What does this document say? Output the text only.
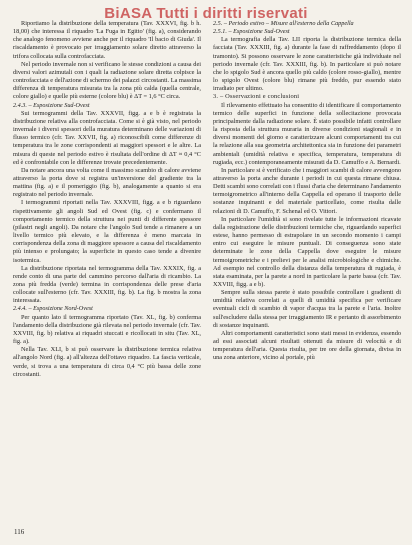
BiASA Tutti i diritti riservati

Riportiamo la distribuzione della temperatura (Tav. XXXVI, fig. b h. 18,00) che interessa il riquadro 'La Fuga in Egitto' (fig. a), considerando che analogo fenomeno avviene anche per il riquadro 'Il bacio di Giuda'. Il riscaldamento è provocato per irraggiamento solare diretto attraverso la trifora collocata sulla controfacciata.

Nel periodo invernale non si verificano le stesse condizioni a causa dei diversi valori azimutali con i quali la radiazione solare diretta colpisce la controfacciata e dell'azione di schermo dei palazzi circostanti. La massima differenza di temperatura misurata tra la zona più calda (quella centrale, colore giallo) e quelle più esterne (colore blu) è ΔT = 1,6 °C circa.

2.4.3. – Esposizione Sud-Ovest

Sui termogrammi della Tav. XXXVII, figg. a e b è registrata la distribuzione relativa alla controfacciata. Come si è già visto, nel periodo invernale i diversi spessori della muratura determinano delle variazioni di flusso termico (cfr. Tav. XXVII, fig. a) riconoscibili come differenze di temperatura tra le zone corrispondenti ai maggiori spessori e le altre. La misura di queste nel periodo estivo è risultata dell'ordine di ΔT ≈ 0,4 °C ed è confrontabile con le differenze trovate precedentemente.

Da notare ancora una volta come il massimo scambio di calore avviene attraverso la porta dove si registra un'inversione del gradiente tra la mattina (fig. a) e il pomeriggio (fig. b), analogamente a quanto si era registrato nel periodo invernale.

I termogrammi riportati nella Tav. XXXVIII, figg. a e b riguardano rispettivamente gli angoli Sud ed Ovest (fig. c) e confermano il comportamento termico della struttura nei punti di differente spessore (pilastri negli angoli). Da notare che l'angolo Sud tende a rimanere a un livello termico più elevato, e la differenza è meno marcata in corrispondenza della zona di maggiore spessore a causa del riscaldamento più intenso e prolungato; la superficie in questo caso tende a divenire isotermica.

La distribuzione riportata nel termogramma della Tav. XXXIX, fig. a rende conto di una parte del cammino percorso dall'aria di ricambio. La zona più fredda (verde) termina in corrispondenza delle prese d'aria collocate sull'esterno (cfr. Tav. XXXIII, fig. b). La fig. b mostra la zona interessata.

2.4.4. – Esposizione Nord-Ovest

Per quanto lato il termogramma riportato (Tav. XL, fig. b) conferma l'andamento della distribuzione già rilevata nel periodo invernale (cfr. Tav. XXVIII, fig. b) relativa ai riquadri stuccati e ricollocati in situ (Tav. XL, fig. a).

Nella Tav. XLI, b si può osservare la distribuzione termica relativa all'angolo Nord (fig. a) all'altezza dell'ottavo riquadro. La fascia verticale, verde, si trova a una temperatura di circa 0,4 °C più bassa delle zone circostanti.

2.5. – Periodo estivo – Misure all'esterno della Cappella

2.5.1. – Esposizione Sud-Ovest

La termografia della Tav. LII riporta la distribuzione termica della facciata (Tav. XXXIII, fig. a) durante la fase di raffreddamento (dopo il tramonto). Si possono osservare le zone caratteristiche già individuate nel periodo invernale (cfr. Tav. XXXIII, fig. b). In particolare si può notare che lo spigolo Sud è ancora quello più caldo (colore rosso-giallo), mentre lo spigolo Ovest (colore blu) rimane più freddo, pur essendo stato irradiato per ultimo.

3. – Osservazioni e conclusioni

Il rilevamento effettuato ha consentito di identificare il comportamento termico delle superfici in funzione della sollecitazione provocata principalmente dalla radiazione solare. È stato possibile infatti controllare la risposta della struttura muraria in diverse condizioni stagionali e in diversi momenti del giorno e caratterizzare alcuni comportamenti tra cui la relazione alla sua geometria architettonica sia in funzione dei parametri ambientali (umidità relativa e specifica, temperatura, temperatura di rugiada, ecc.) contemporaneamente misurati da D. Camuffo e A. Bernardi.

In particolare si è verificato che i maggiori scambi di calore avvengono attraverso la porta anche durante i periodi in cui questa rimane chiusa. Detti scambi sono correlati con i flussi d'aria che determinano l'andamento termoigrometrico all'interno della Cappella ed operano il trasporto delle sostanze inquinanti e del materiale particellato, come risulta dalle relazioni di D. Camuffo, F. Schenal ed O. Vittori.

In particolare l'umidità si sono rivelate tutte le informazioni ricavate dalla registrazione delle distribuzioni termiche che, riguardando superfici estese, hanno permesso di estrapolare in un secondo momento i campi entro cui eseguire le misure puntuali. Di conseguenza sono state determinate le zone della Cappella dove eseguire le misure termoigrometriche e i prelievi per le analisi microbiologiche e chimiche. Ad esempio nel controllo della distanza della temperatura di rugiada, è stata esaminata, per la parete a nord in particolare la parte bassa (cfr. Tav. XXVIII, figg. a e b).

Sempre sulla stessa parete è stato possibile controllare i gradienti di umidità relativa correlati a quelli di umidità specifica per verificare eventuali cicli di scambio di vapor d'acqua tra la parete e l'aria. Inoltre sull'escludere dalla stessa per irraggiamento IR e pertanto di assorbimento di sostanze inquinanti.

Altri comportamenti caratteristici sono stati messi in evidenza, essendo ad essi associati alcuni risultati ottenuti da misure di velocità e di temperatura dell'aria. Questa risulta, per tre ore della giornata, divisa in una zona anteriore, vicino al portale, più

116
